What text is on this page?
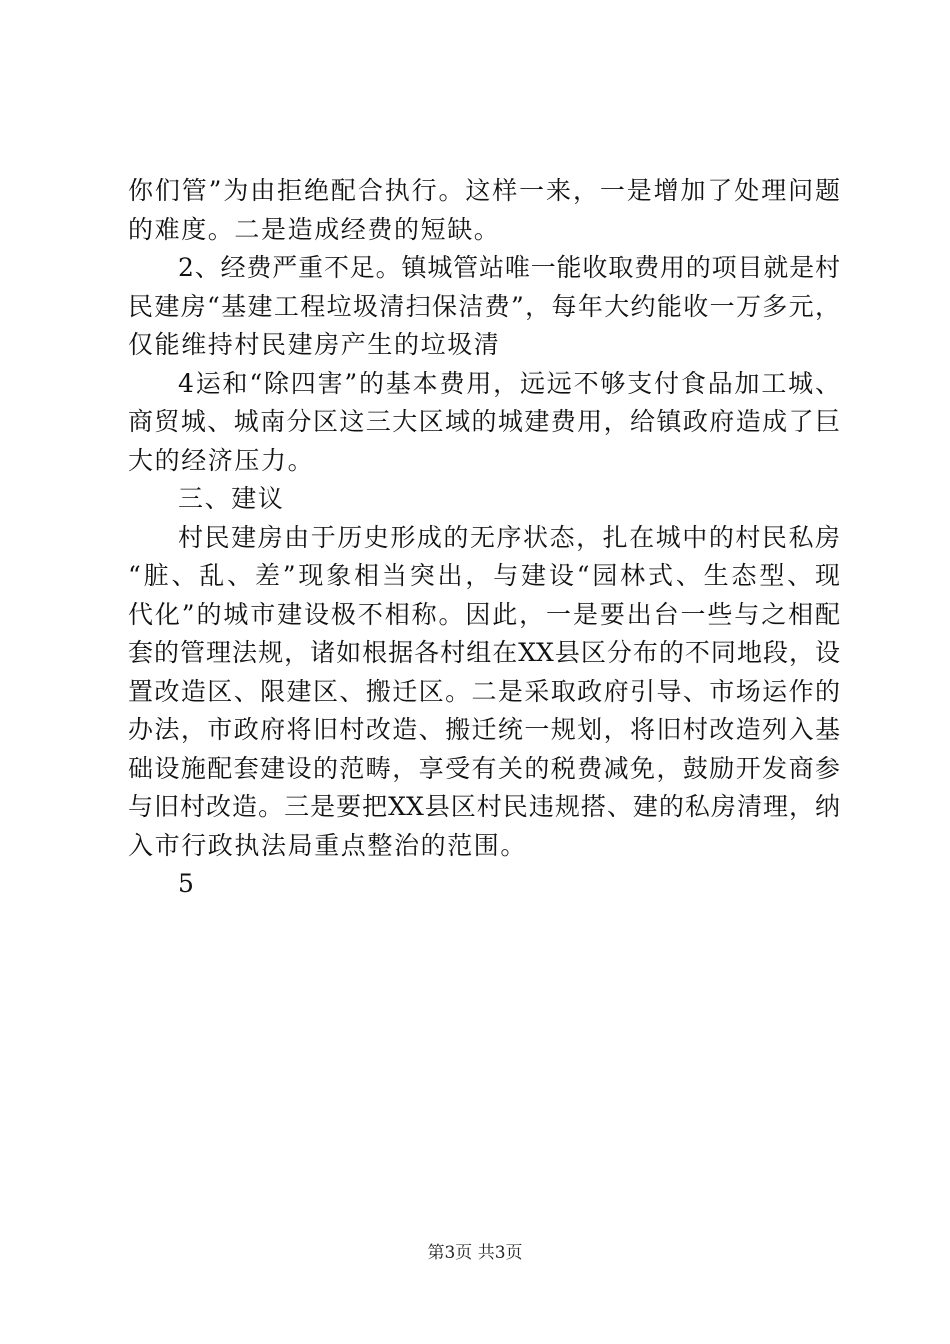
你们管”为由拒绝配合执行。这样一来，一是增加了处理问题
的难度。二是造成经费的短缺。
2、经费严重不足。镇城管站唯一能收取费用的项目就是村
民建房“基建工程垃圾清扫保洁费”，每年大约能收一万多元，
仅能维持村民建房产生的垃圾清
4运和“除四害”的基本费用，远远不够支付食品加工城、
商贸城、城南分区这三大区域的城建费用，给镇政府造成了巨
大的经济压力。
三、建议
村民建房由于历史形成的无序状态，扎在城中的村民私房
“脏、乱、差”现象相当突出，与建设“园林式、生态型、现
代化”的城市建设极不相称。因此，一是要出台一些与之相配
套的管理法规，诸如根据各村组在XX县区分布的不同地段，设
置改造区、限建区、搬迁区。二是采取政府引导、市场运作的
办法，市政府将旧村改造、搬迁统一规划，将旧村改造列入基
础设施配套建设的范畴，享受有关的税费减免，鼓励开发商参
与旧村改造。三是要把XX县区村民违规搭、建的私房清理，纳
入市行政执法局重点整治的范围。
5
第3页 共3页
